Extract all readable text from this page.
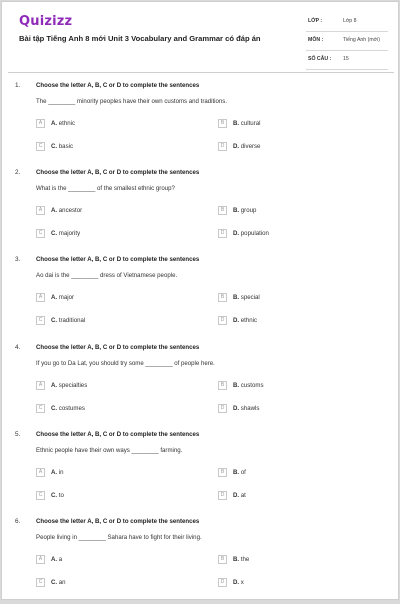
Quizizz
Bài tập Tiếng Anh 8 mới Unit 3 Vocabulary and Grammar có đáp án
LỚP :	Lớp 8
MÔN :	Tiếng Anh (mới)
SỐ CÂU : 15
1.	Choose the letter A, B, C or D to complete the sentences
The ________ minority peoples have their own customs and traditions.
A	A. ethnic	B	B. cultural
C	C. basic	D	D. diverse
2.	Choose the letter A, B, C or D to complete the sentences
What is the ________ of the smallest ethnic group?
A	A. ancestor	B	B. group
C	C. majority	D	D. population
3.	Choose the letter A, B, C or D to complete the sentences
Ao dai is the ________ dress of Vietnamese people.
A	A. major	B	B. special
C	C. traditional	D	D. ethnic
4.	Choose the letter A, B, C or D to complete the sentences
If you go to Da Lat, you should try some ________ of people here.
A	A. specialties	B	B. customs
C	C. costumes	D	D. shawls
5.	Choose the letter A, B, C or D to complete the sentences
Ethnic people have their own ways ________ farming.
A	A. in	B	B. of
C	C. to	D	D. at
6.	Choose the letter A, B, C or D to complete the sentences
People living in ________ Sahara have to fight for their living.
A	A. a	B	B. the
C	C. an	D	D. x
